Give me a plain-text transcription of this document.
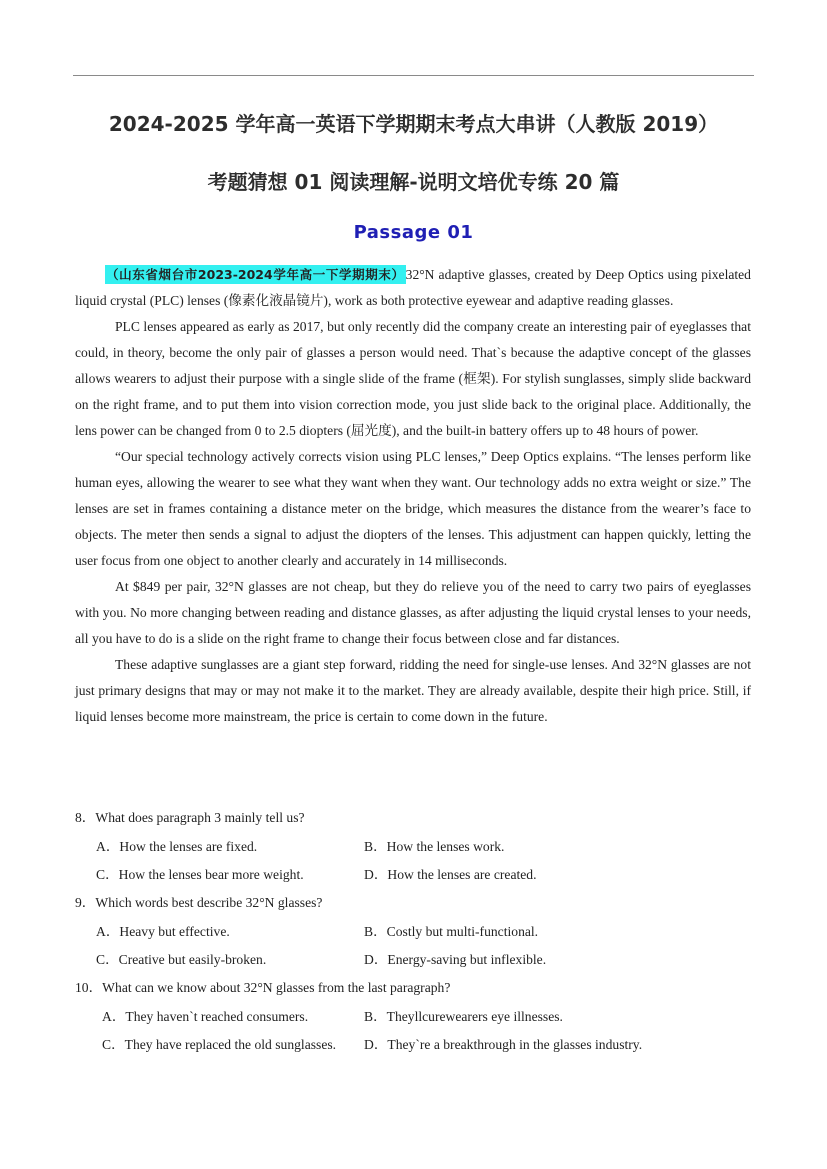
2024-2025 学年高一英语下学期期末考点大串讲（人教版 2019）
考题猜想 01 阅读理解-说明文培优专练 20 篇
Passage 01

（山东省烟台市2023-2024学年高一下学期期末）32°N adaptive glasses, created by Deep Optics using pixelated liquid crystal (PLC) lenses (像素化液晶镜片), work as both protective eyewear and adaptive reading glasses.

PLC lenses appeared as early as 2017, but only recently did the company create an interesting pair of eyeglasses that could, in theory, become the only pair of glasses a person would need. That`s because the adaptive concept of the glasses allows wearers to adjust their purpose with a single slide of the frame (框架). For stylish sunglasses, simply slide backward on the right frame, and to put them into vision correction mode, you just slide back to the original place. Additionally, the lens power can be changed from 0 to 2.5 diopters (屈光度), and the built-in battery offers up to 48 hours of power.

“Our special technology actively corrects vision using PLC lenses,” Deep Optics explains. “The lenses perform like human eyes, allowing the wearer to see what they want when they want. Our technology adds no extra weight or size.” The lenses are set in frames containing a distance meter on the bridge, which measures the distance from the wearer’s face to objects. The meter then sends a signal to adjust the diopters of the lenses. This adjustment can happen quickly, letting the user focus from one object to another clearly and accurately in 14 milliseconds.

At $849 per pair, 32°N glasses are not cheap, but they do relieve you of the need to carry two pairs of eyeglasses with you. No more changing between reading and distance glasses, as after adjusting the liquid crystal lenses to your needs, all you have to do is a slide on the right frame to change their focus between close and far distances.

These adaptive sunglasses are a giant step forward, ridding the need for single-use lenses. And 32°N glasses are not just primary designs that may or may not make it to the market. They are already available, despite their high price. Still, if liquid lenses become more mainstream, the price is certain to come down in the future.

8．What does paragraph 3 mainly tell us?
A．How the lenses are fixed.	B．How the lenses work.
C．How the lenses bear more weight.	D．How the lenses are created.
9．Which words best describe 32°N glasses?
A．Heavy but effective.	B．Costly but multi-functional.
C．Creative but easily-broken.	D．Energy-saving but inflexible.
10．What can we know about 32°N glasses from the last paragraph?
A．They haven`t reached consumers.	B．Theyllcurewearers eye illnesses.
C．They have replaced the old sunglasses. D．They`re a breakthrough in the glasses industry.
